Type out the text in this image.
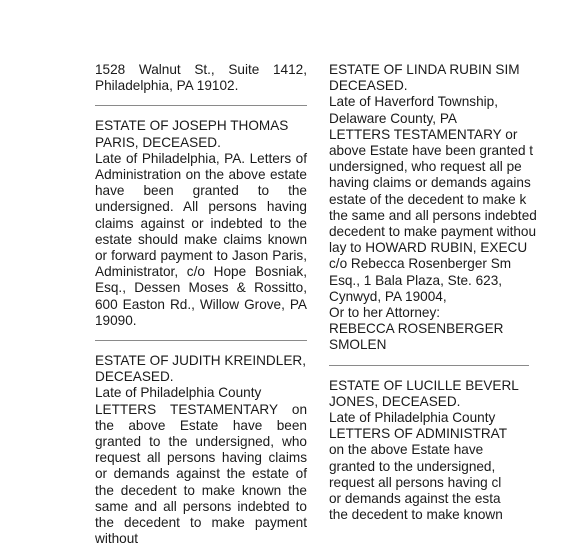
1528 Walnut St., Suite 1412, Philadelphia, PA 19102.

ESTATE OF JOSEPH THOMAS PARIS, DECEASED.

Late of Philadelphia, PA. Letters of Administration on the above estate have been granted to the undersigned. All persons having claims against or indebted to the estate should make claims known or forward payment to Jason Paris, Administrator, c/o Hope Bosniak, Esq., Dessen Moses & Rossitto, 600 Easton Rd., Willow Grove, PA 19090.

ESTATE OF JUDITH KREINDLER, DECEASED.
Late of Philadelphia County

LETTERS TESTAMENTARY on the above Estate have been granted to the undersigned, who request all persons having claims or demands against the estate of the decedent to make known the same and all persons indebted to the decedent to make payment without

ESTATE OF LINDA RUBIN SIM
DECEASED.
Late of Haverford Township,
Delaware County, PA
LETTERS TESTAMENTARY or
above Estate have been granted t
undersigned, who request all pe
having claims or demands agains
estate of the decedent to make k
the same and all persons indebted
decedent to make payment withou
lay to HOWARD RUBIN, EXECU
c/o Rebecca Rosenberger Sm
Esq., 1 Bala Plaza, Ste. 623,
Cynwyd, PA 19004,
Or to her Attorney:
REBECCA ROSENBERGER
SMOLEN
ESTATE OF LUCILLE BEVERL
JONES, DECEASED.
Late of Philadelphia County
LETTERS OF ADMINISTRAT
on the above Estate have
granted to the undersigned,
request all persons having cl
or demands against the esta
the decedent to make known
